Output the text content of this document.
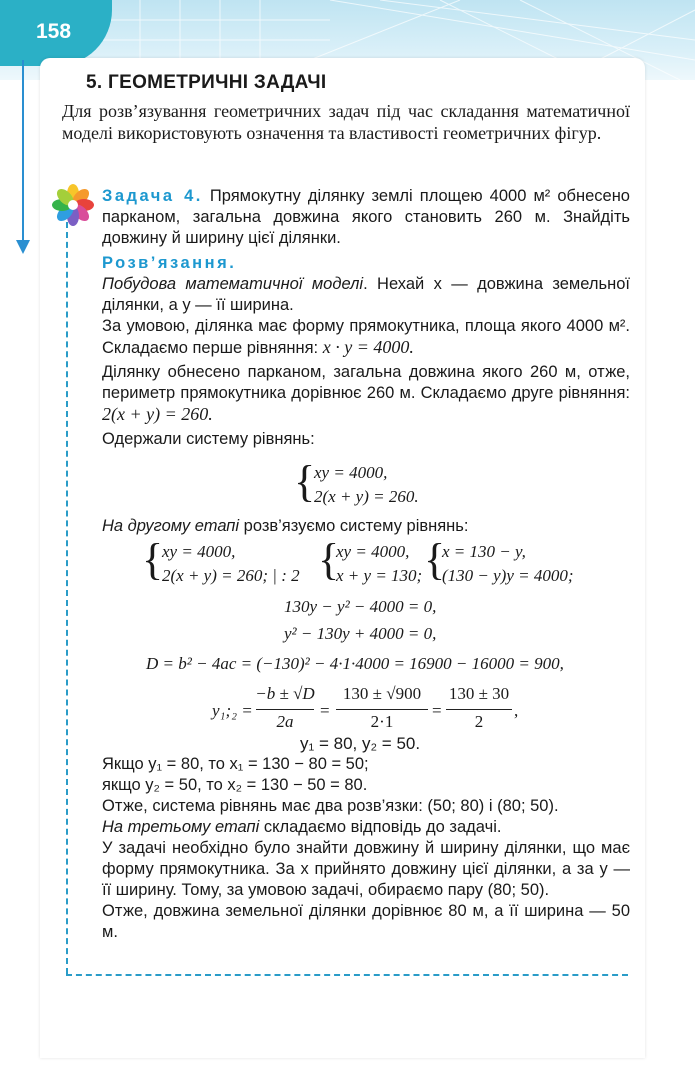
158
5. ГЕОМЕТРИЧНІ ЗАДАЧІ
Для розв’язування геометричних задач під час складання математичної моделі використовують означення та властивості геометричних фігур.

Задача 4. Прямокутну ділянку землі площею 4000 м² обнесено парканом, загальна довжина якого становить 260 м. Знайдіть довжину й ширину цієї ділянки.

Розв’язання.

Побудова математичної моделі. Нехай x — довжина земельної ділянки, а y — її ширина.

За умовою, ділянка має форму прямокутника, площа якого 4000 м². Складаємо перше рівняння: x · y = 4000.

Ділянку обнесено парканом, загальна довжина якого 260 м, отже, периметр прямокутника дорівнює 260 м. Складаємо друге рівняння: 2(x + y) = 260.

Одержали систему рівнянь:

{
xy = 4000,
2(x + y) = 260.
На другому етапі розв’язуємо систему рівнянь:
{
xy = 4000,
2(x + y) = 260; | : 2 {
xy = 4000,
x + y = 130; {
x = 130 − y,
(130 − y)y = 4000;
130y − y² − 4000 = 0,
y² − 130y + 4000 = 0,
D = b² − 4ac = (−130)² − 4·1·4000 = 16900 − 16000 = 900,
y₁;₂ =
−b ± √D
2a
=
130 ± √900
2·1
=
130 ± 30
2
,
y₁ = 80, y₂ = 50.

Якщо y₁ = 80, то x₁ = 130 − 80 = 50;

якщо y₂ = 50, то x₂ = 130 − 50 = 80.

Отже, система рівнянь має два розв’язки: (50; 80) і (80; 50).

На третьому етапі складаємо відповідь до задачі.

У задачі необхідно було знайти довжину й ширину ділянки, що має форму прямокутника. За x прийнято довжину цієї ділянки, а за y — її ширину. Тому, за умовою задачі, обираємо пару (80; 50).

Отже, довжина земельної ділянки дорівнює 80 м, а її ширина — 50 м.
